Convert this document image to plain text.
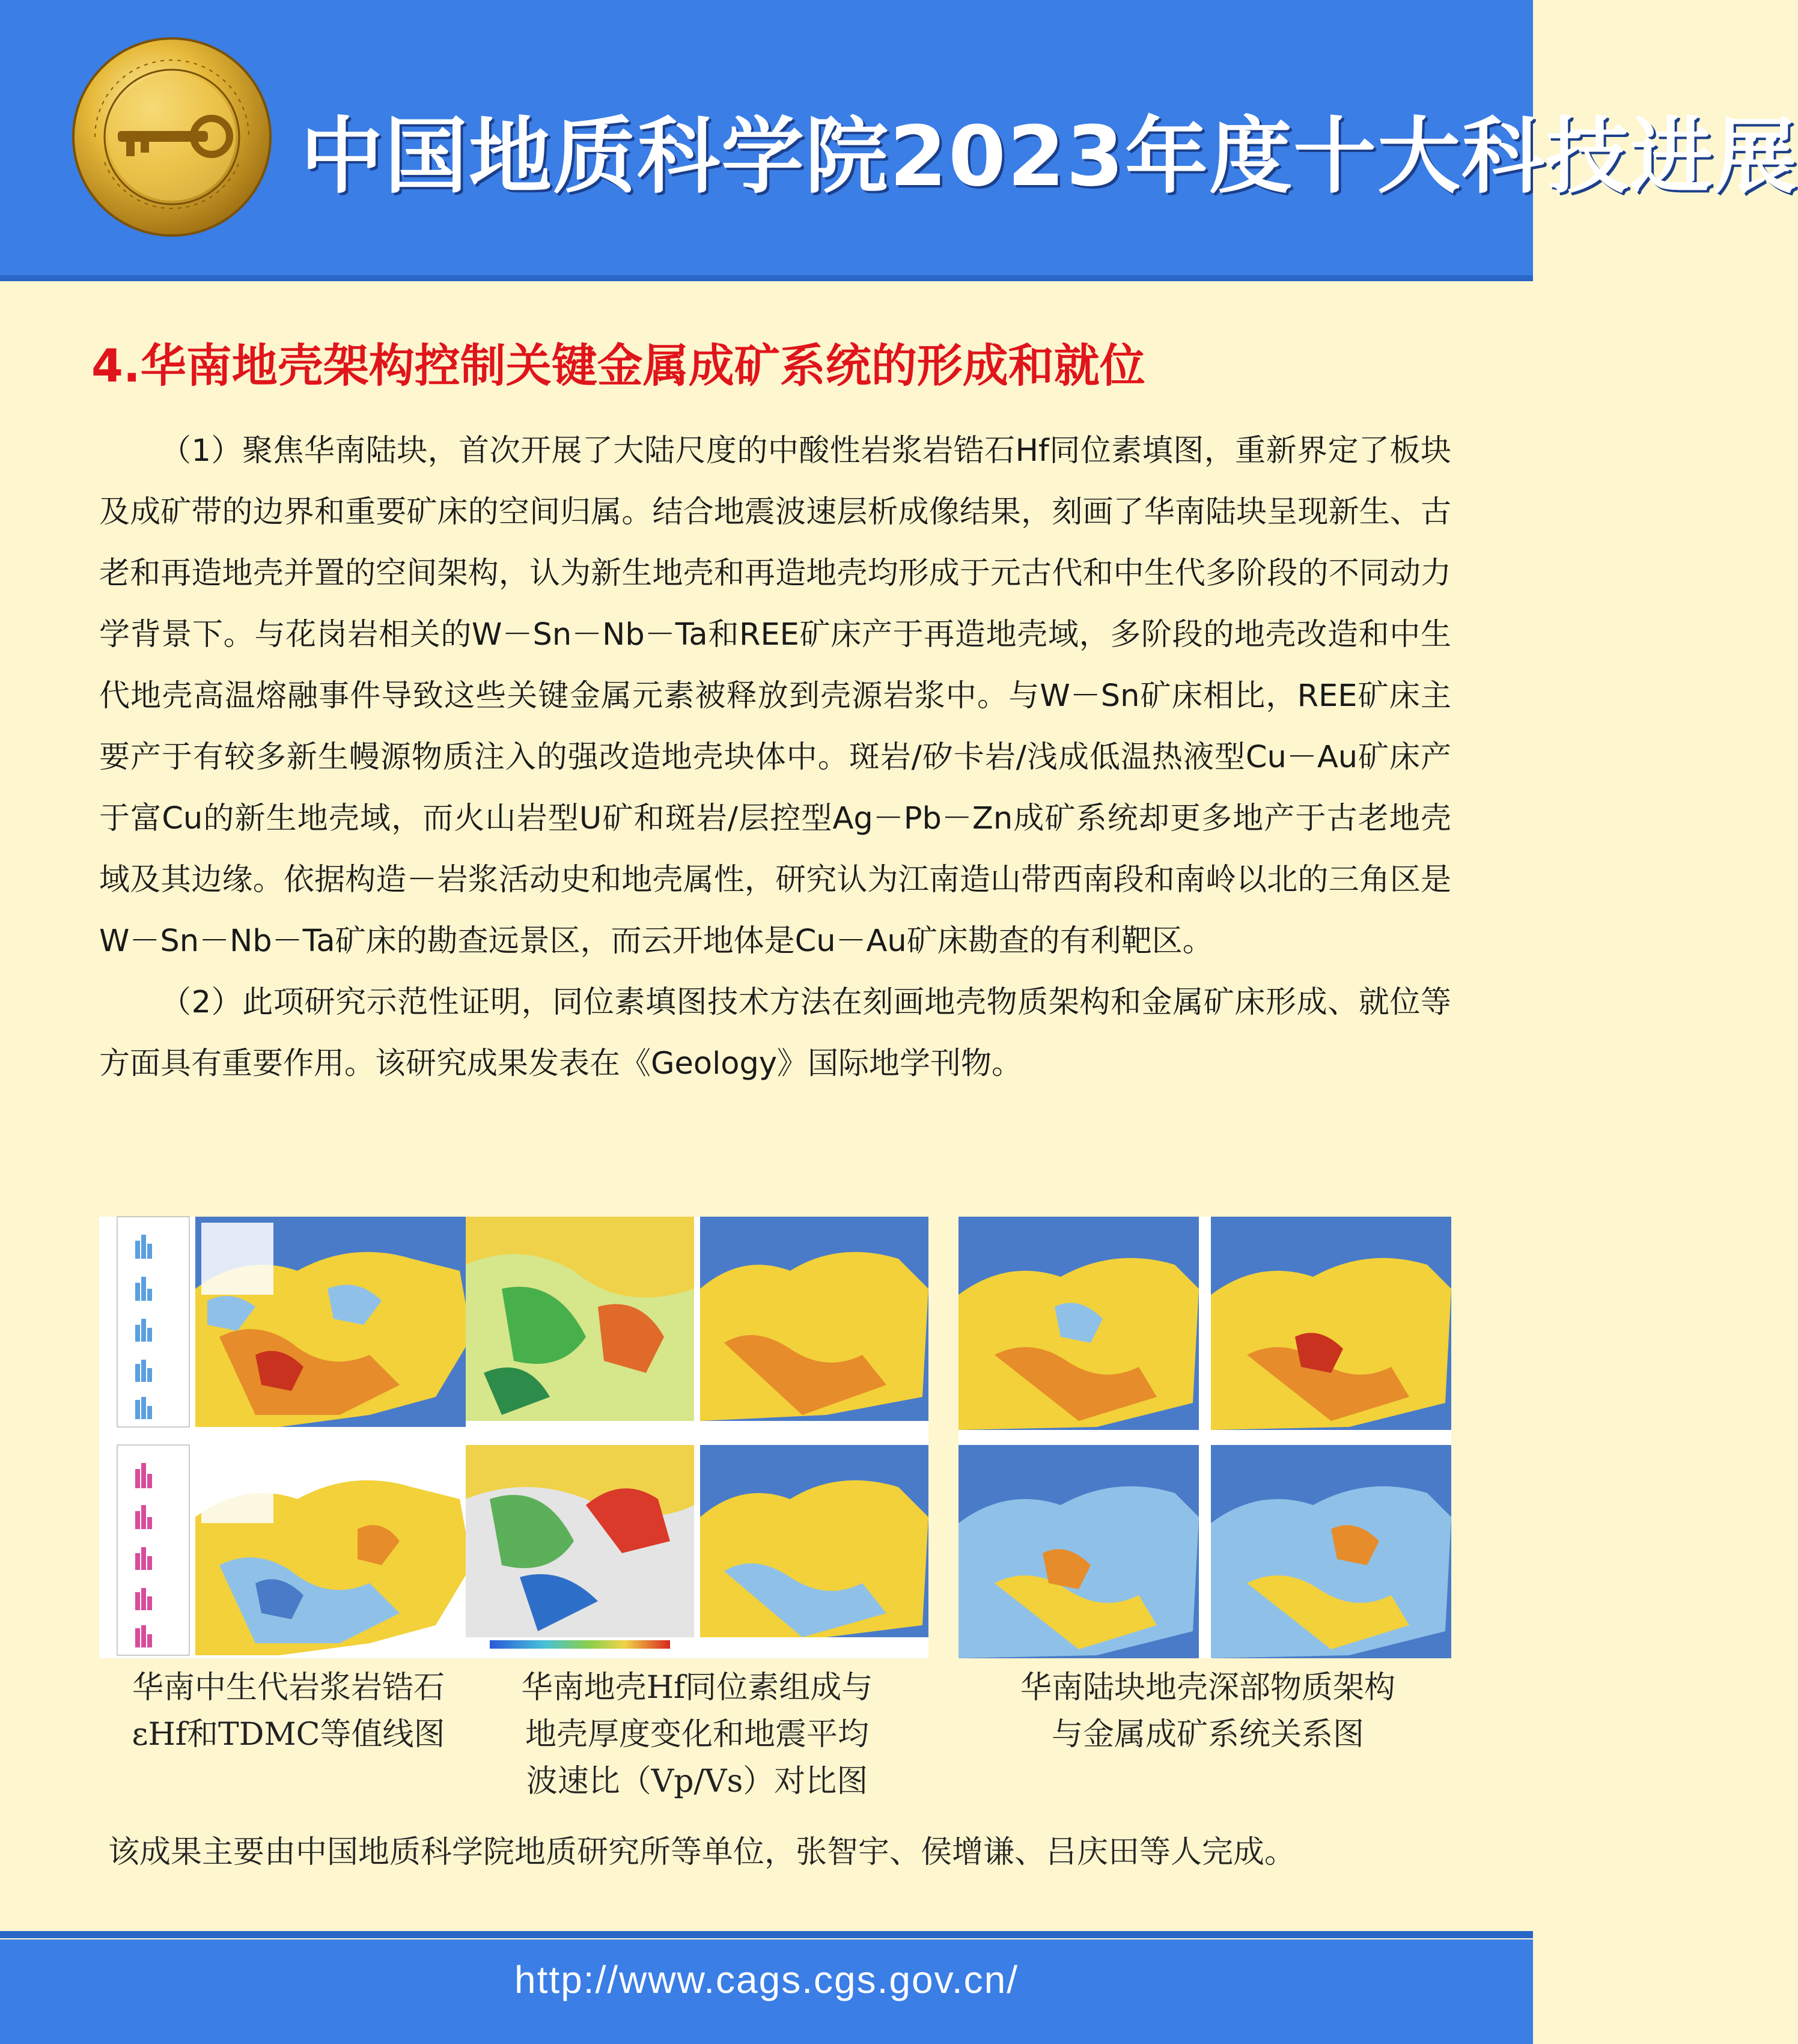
中国地质科学院2023年度十大科技进展
4.华南地壳架构控制关键金属成矿系统的形成和就位

（1）聚焦华南陆块，首次开展了大陆尺度的中酸性岩浆岩锆石Hf同位素填图，重新界定了板块及成矿带的边界和重要矿床的空间归属。结合地震波速层析成像结果，刻画了华南陆块呈现新生、古老和再造地壳并置的空间架构，认为新生地壳和再造地壳均形成于元古代和中生代多阶段的不同动力学背景下。与花岗岩相关的W－Sn－Nb－Ta和REE矿床产于再造地壳域，多阶段的地壳改造和中生代地壳高温熔融事件导致这些关键金属元素被释放到壳源岩浆中。与W－Sn矿床相比，REE矿床主要产于有较多新生幔源物质注入的强改造地壳块体中。斑岩/矽卡岩/浅成低温热液型Cu－Au矿床产于富Cu的新生地壳域，而火山岩型U矿和斑岩/层控型Ag－Pb－Zn成矿系统却更多地产于古老地壳域及其边缘。依据构造－岩浆活动史和地壳属性，研究认为江南造山带西南段和南岭以北的三角区是W－Sn－Nb－Ta矿床的勘查远景区，而云开地体是Cu－Au矿床勘查的有利靶区。

（2）此项研究示范性证明，同位素填图技术方法在刻画地壳物质架构和金属矿床形成、就位等方面具有重要作用。该研究成果发表在《Geology》国际地学刊物。

华南中生代岩浆岩锆石
εHf和TDMC等值线图
华南地壳Hf同位素组成与
地壳厚度变化和地震平均
波速比（Vp/Vs）对比图
华南陆块地壳深部物质架构
与金属成矿系统关系图
该成果主要由中国地质科学院地质研究所等单位，张智宇、侯增谦、吕庆田等人完成。
http://www.cags.cgs.gov.cn/
